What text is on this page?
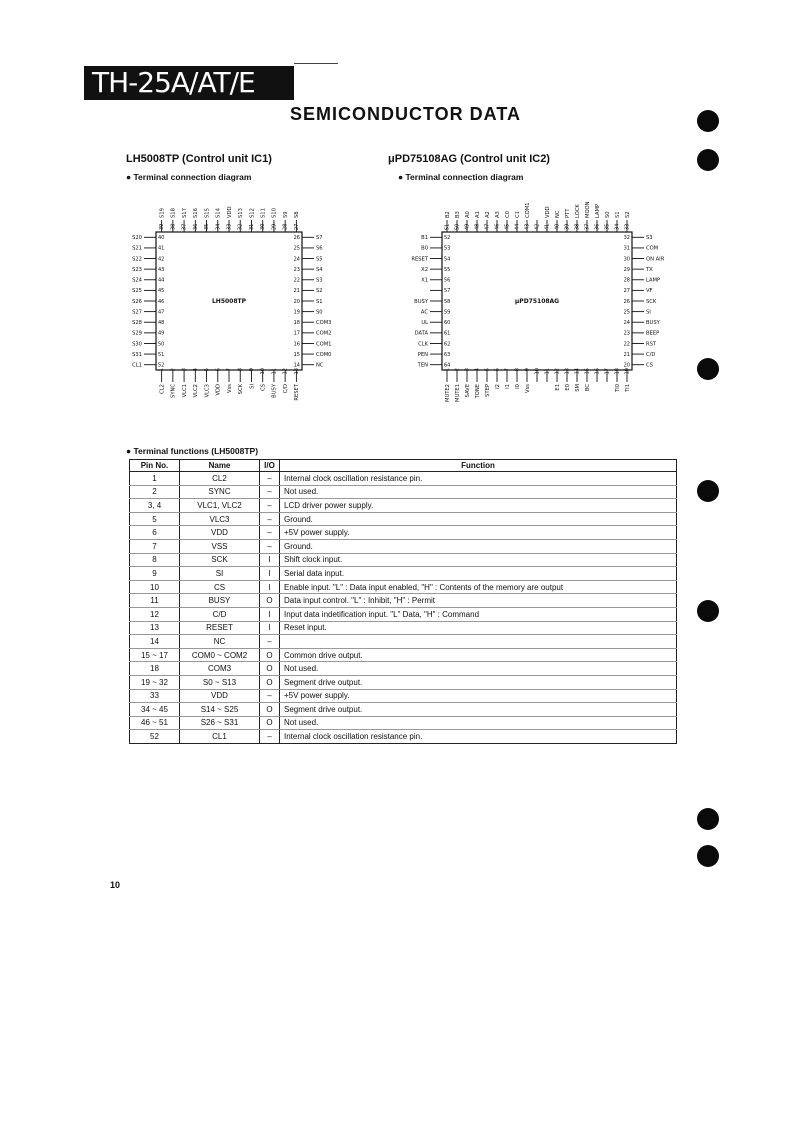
TH-25A/AT/E
SEMICONDUCTOR DATA
LH5008TP (Control unit IC1)
● Terminal connection diagram
μPD75108AG (Control unit IC2)
● Terminal connection diagram
LH5008TP
39
S19
38
S18
37
S17
36
S16
35
S15
34
S14
33
VDD
32
S13
31
S12
30
S11
29
S10
28
S9
27
S8
1
CL2
2
SYNC
3
VLC1
4
VLC2
5
VLC3
6
VDD
7
Vss
8
SCK
9
SI
10
CS
11
BUSY
12
C/D
13
RESET
40
S20
41
S21
42
S22
43
S23
44
S24
45
S25
46
S26
47
S27
48
S28
49
S29
50
S30
51
S31
52
CL1
26	S7
25	S6
24	S5
23	S4
22	S3
21	S2
20	S1
19	S0
18	COM3
17	COM2
16	COM1
15	COM0
14	NC
μPD75108AG
51
B2
50
B3
49
A0
48
A1
47
A2
46
A3
45
C0
44
C1
43
COM1
42 41
VDD
40
NC
39
PTT
38
LOCK
37
MOON
36
LAMP
35
S0
34
S1
33
S2
1
MUTE2
2
MUTE1
3
SAVE
4
TONE
5
STEP
6
I2
7
I1
8
I0
9
Vss
10 11 12
E1
13
E0
14
SM
15
BC
16 17 18
TI0
19
TI1
52
B1
53
B0
54
RESET
55
X2
56
X1
57
58
BUSY
59
AC
60
UL
61
DATA
62
CLK
63
PEN
64
TEN
32	S3
31	COM
30	ON AIR
29	TX
28	LAMP
27	VF
26	SCK
25	SI
24	BUSY
23	BEEP
22	RST
21	C/D
20	CS
● Terminal functions (LH5008TP)
Pin No.	Name	I/O	Function
1	CL2	–	Internal clock oscillation resistance pin.
2	SYNC	–	Not used.
3, 4	VLC1, VLC2	–	LCD driver power supply.
5	VLC3	–	Ground.
6	VDD	–	+5V power supply.
7	VSS	–	Ground.
8	SCK	I	Shift clock input.
9	SI	I	Serial data input.
10	CS	I	Enable input. "L" : Data input enabled, "H" : Contents of the memory are output
11	BUSY	O	Data input control. "L" : Inhibit, "H" : Permit
12	C/D	I	Input data indetification input. "L" Data, "H" : Command
13	RESET	I	Reset input.
14	NC	–	
15 ~ 17	COM0 ~ COM2	O	Common drive output.
18	COM3	O	Not used.
19 ~ 32	S0 ~ S13	O	Segment drive output.
33	VDD	–	+5V power supply.
34 ~ 45	S14 ~ S25	O	Segment drive output.
46 ~ 51	S26 ~ S31	O	Not used.
52	CL1	–	Internal clock oscillation resistance pin.
10
